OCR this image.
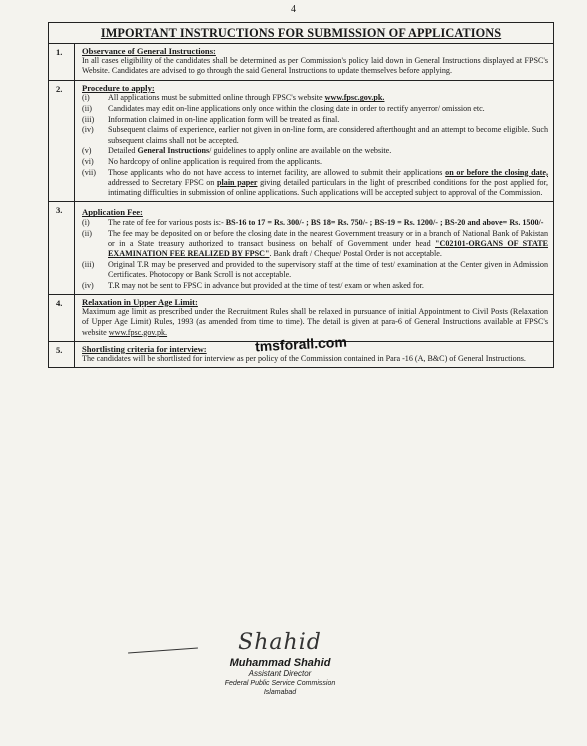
4
IMPORTANT INSTRUCTIONS FOR SUBMISSION OF APPLICATIONS
1.	Observance of General Instructions:
In all cases eligibility of the candidates shall be determined as per Commission's policy laid down in General Instructions displayed at FPSC's Website. Candidates are advised to go through the said General Instructions to update themselves before applying.
2.	Procedure to apply:
(i)	All applications must be submitted online through FPSC's website www.fpsc.gov.pk.
(ii)	Candidates may edit on-line applications only once within the closing date in order to rectify anyerror/ omission etc.
(iii)	Information claimed in on-line application form will be treated as final.
(iv)	Subsequent claims of experience, earlier not given in on-line form, are considered afterthought and an attempt to become eligible. Such subsequent claims shall not be accepted.
(v)	Detailed General Instructions/ guidelines to apply online are available on the website.
(vi)	No hardcopy of online application is required from the applicants.
(vii)	Those applicants who do not have access to internet facility, are allowed to submit their applications on or before the closing date, addressed to Secretary FPSC on plain paper giving detailed particulars in the light of prescribed conditions for the post applied for, intimating difficulties in submission of online applications. Such applications will be accepted subject to approval of the Commission.
3.	Application Fee:
(i)	The rate of fee for various posts is:- BS-16 to 17 = Rs. 300/- ; BS 18= Rs. 750/- ; BS-19 = Rs. 1200/- ; BS-20 and above= Rs. 1500/-
(ii)	The fee may be deposited on or before the closing date in the nearest Government treasury or in a branch of National Bank of Pakistan or in a State treasury authorized to transact business on behalf of Government under head "C02101-ORGANS OF STATE EXAMINATION FEE REALIZED BY FPSC". Bank draft / Cheque/ Postal Order is not acceptable.
(iii)	Original T.R may be preserved and provided to the supervisory staff at the time of test/ examination at the Center given in Admission Certificates. Photocopy or Bank Scroll is not acceptable.
(iv)	T.R may not be sent to FPSC in advance but provided at the time of test/ exam or when asked for.
4.	Relaxation in Upper Age Limit:
Maximum age limit as prescribed under the Recruitment Rules shall be relaxed in pursuance of initial Appointment to Civil Posts (Relaxation of Upper Age Limit) Rules, 1993 (as amended from time to time). The detail is given at para-6 of General Instructions available at FPSC's website www.fpsc.gov.pk.
5.	Shortlisting criteria for interview:
The candidates will be shortlisted for interview as per policy of the Commission contained in Para -16 (A, B&C) of General Instructions.
tmsforall.com
Shahid
Muhammad Shahid
Assistant Director
Federal Public Service Commission
Islamabad
